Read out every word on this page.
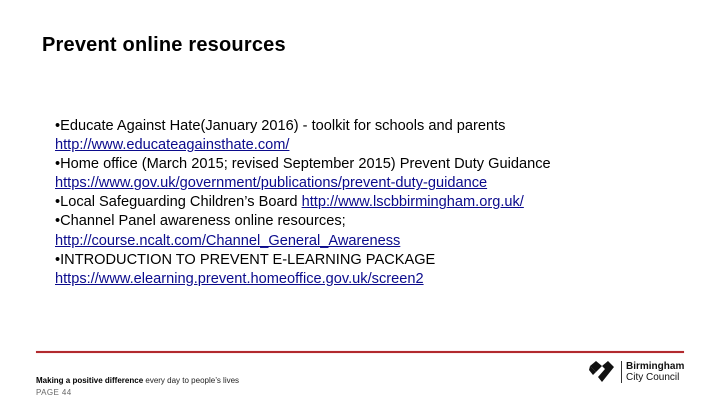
Prevent online resources
•Educate Against Hate(January 2016) - toolkit for schools and parents
http://www.educateagainsthate.com/
•Home office (March 2015; revised September 2015) Prevent Duty Guidance
https://www.gov.uk/government/publications/prevent-duty-guidance
•Local Safeguarding Children’s Board http://www.lscbbirmingham.org.uk/
•Channel Panel awareness online resources;
http://course.ncalt.com/Channel_General_Awareness
•INTRODUCTION TO PREVENT E-LEARNING PACKAGE
https://www.elearning.prevent.homeoffice.gov.uk/screen2
Making a positive difference every day to people’s lives
PAGE 44
Birmingham
City Council
